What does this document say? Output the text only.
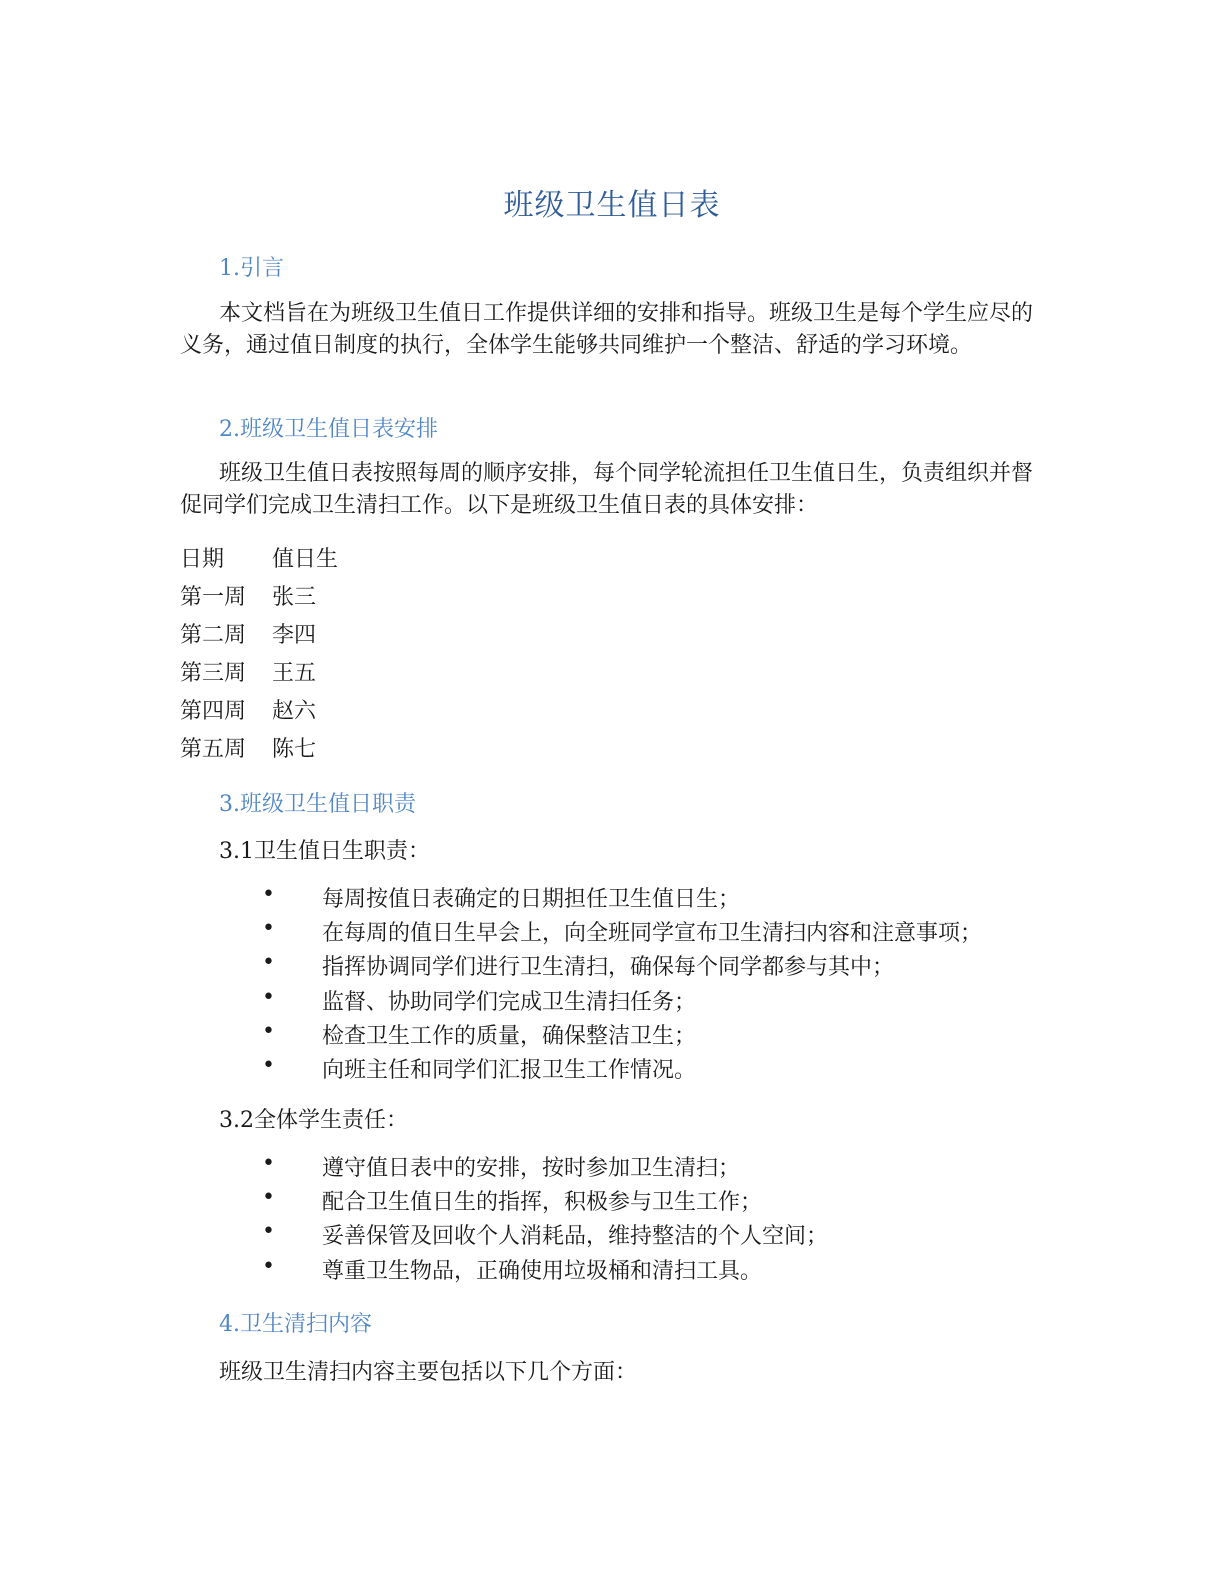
班级卫生值日表
1.引言

本文档旨在为班级卫生值日工作提供详细的安排和指导。班级卫生是每个学生应尽的义务，通过值日制度的执行，全体学生能够共同维护一个整洁、舒适的学习环境。

2.班级卫生值日表安排

班级卫生值日表按照每周的顺序安排，每个同学轮流担任卫生值日生，负责组织并督促同学们完成卫生清扫工作。以下是班级卫生值日表的具体安排：

日期	值日生
第一周	张三
第二周	李四
第三周	王五
第四周	赵六
第五周	陈七
3.班级卫生值日职责
3.1卫生值日生职责：
•	每周按值日表确定的日期担任卫生值日生；
•	在每周的值日生早会上，向全班同学宣布卫生清扫内容和注意事项；
•	指挥协调同学们进行卫生清扫，确保每个同学都参与其中；
•	监督、协助同学们完成卫生清扫任务；
•	检查卫生工作的质量，确保整洁卫生；
•	向班主任和同学们汇报卫生工作情况。
3.2全体学生责任：
•	遵守值日表中的安排，按时参加卫生清扫；
•	配合卫生值日生的指挥，积极参与卫生工作；
•	妥善保管及回收个人消耗品，维持整洁的个人空间；
•	尊重卫生物品，正确使用垃圾桶和清扫工具。
4.卫生清扫内容
班级卫生清扫内容主要包括以下几个方面：
